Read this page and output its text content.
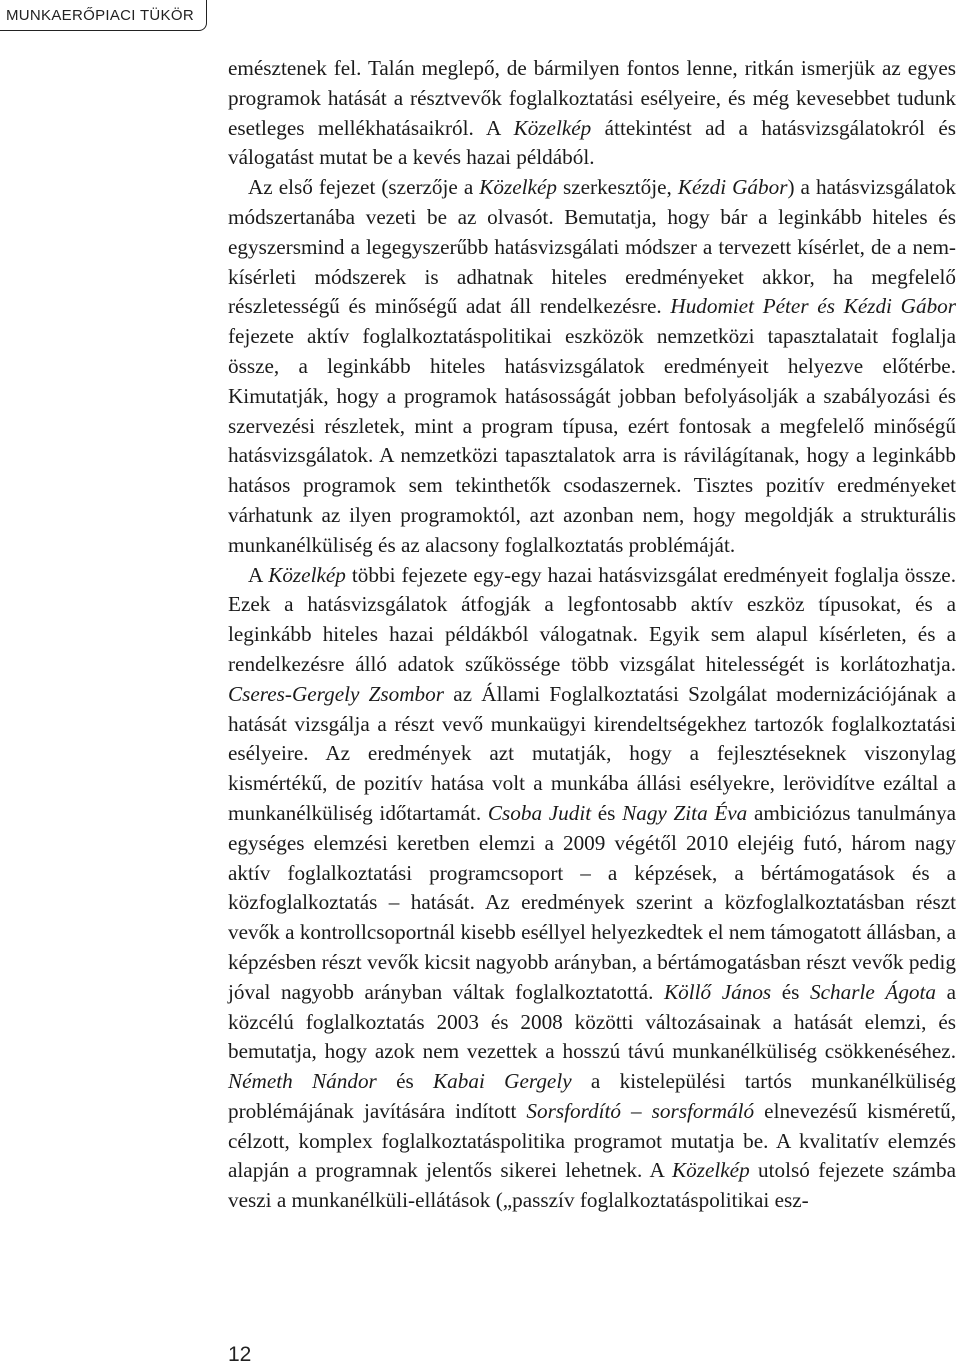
MUNKAERŐPIACI TÜKÖR

emésztenek fel. Talán meglepő, de bármilyen fontos lenne, ritkán ismerjük az egyes programok hatását a résztvevők foglalkoztatási esélyeire, és még kevesebbet tudunk esetleges mellékhatásaikról. A Közelkép áttekintést ad a hatásvizsgálatokról és válogatást mutat be a kevés hazai példából.

Az első fejezet (szerzője a Közelkép szerkesztője, Kézdi Gábor) a hatásvizsgálatok módszertanába vezeti be az olvasót. Bemutatja, hogy bár a leginkább hiteles és egyszersmind a legegyszerűbb hatásvizsgálati módszer a tervezett kísérlet, de a nem-kísérleti módszerek is adhatnak hiteles eredményeket akkor, ha megfelelő részletességű és minőségű adat áll rendelkezésre. Hudomiet Péter és Kézdi Gábor fejezete aktív foglalkoztatáspolitikai eszközök nemzetközi tapasztalatait foglalja össze, a leginkább hiteles hatásvizsgálatok eredményeit helyezve előtérbe. Kimutatják, hogy a programok hatásosságát jobban befolyásolják a szabályozási és szervezési részletek, mint a program típusa, ezért fontosak a megfelelő minőségű hatásvizsgálatok. A nemzetközi tapasztalatok arra is rávilágítanak, hogy a leginkább hatásos programok sem tekinthetők csodaszernek. Tisztes pozitív eredményeket várhatunk az ilyen programoktól, azt azonban nem, hogy megoldják a strukturális munkanélküliség és az alacsony foglalkoztatás problémáját.

A Közelkép többi fejezete egy-egy hazai hatásvizsgálat eredményeit foglalja össze. Ezek a hatásvizsgálatok átfogják a legfontosabb aktív eszköz típusokat, és a leginkább hiteles hazai példákból válogatnak. Egyik sem alapul kísérleten, és a rendelkezésre álló adatok szűkössége több vizsgálat hitelességét is korlátozhatja. Cseres-Gergely Zsombor az Állami Foglalkoztatási Szolgálat modernizációjának a hatását vizsgálja a részt vevő munkaügyi kirendeltségekhez tartozók foglalkoztatási esélyeire. Az eredmények azt mutatják, hogy a fejlesztéseknek viszonylag kismértékű, de pozitív hatása volt a munkába állási esélyekre, lerövidítve ezáltal a munkanélküliség időtartamát. Csoba Judit és Nagy Zita Éva ambiciózus tanulmánya egységes elemzési keretben elemzi a 2009 végétől 2010 elejéig futó, három nagy aktív foglalkoztatási programcsoport – a képzések, a bértámogatások és a közfoglalkoztatás – hatását. Az eredmények szerint a közfoglalkoztatásban részt vevők a kontrollcsoportnál kisebb eséllyel helyezkedtek el nem támogatott állásban, a képzésben részt vevők kicsit nagyobb arányban, a bértámogatásban részt vevők pedig jóval nagyobb arányban váltak foglalkoztatottá. Köllő János és Scharle Ágota a közcélú foglalkoztatás 2003 és 2008 közötti változásainak a hatását elemzi, és bemutatja, hogy azok nem vezettek a hosszú távú munkanélküliség csökkenéséhez. Németh Nándor és Kabai Gergely a kistelepülési tartós munkanélküliség problémájának javítására indított Sorsfordító – sorsformáló elnevezésű kisméretű, célzott, komplex foglalkoztatáspolitika programot mutatja be. A kvalitatív elemzés alapján a programnak jelentős sikerei lehetnek. A Közelkép utolsó fejezete számba veszi a munkanélküli-ellátások („passzív foglalkoztatáspolitikai esz-

12
